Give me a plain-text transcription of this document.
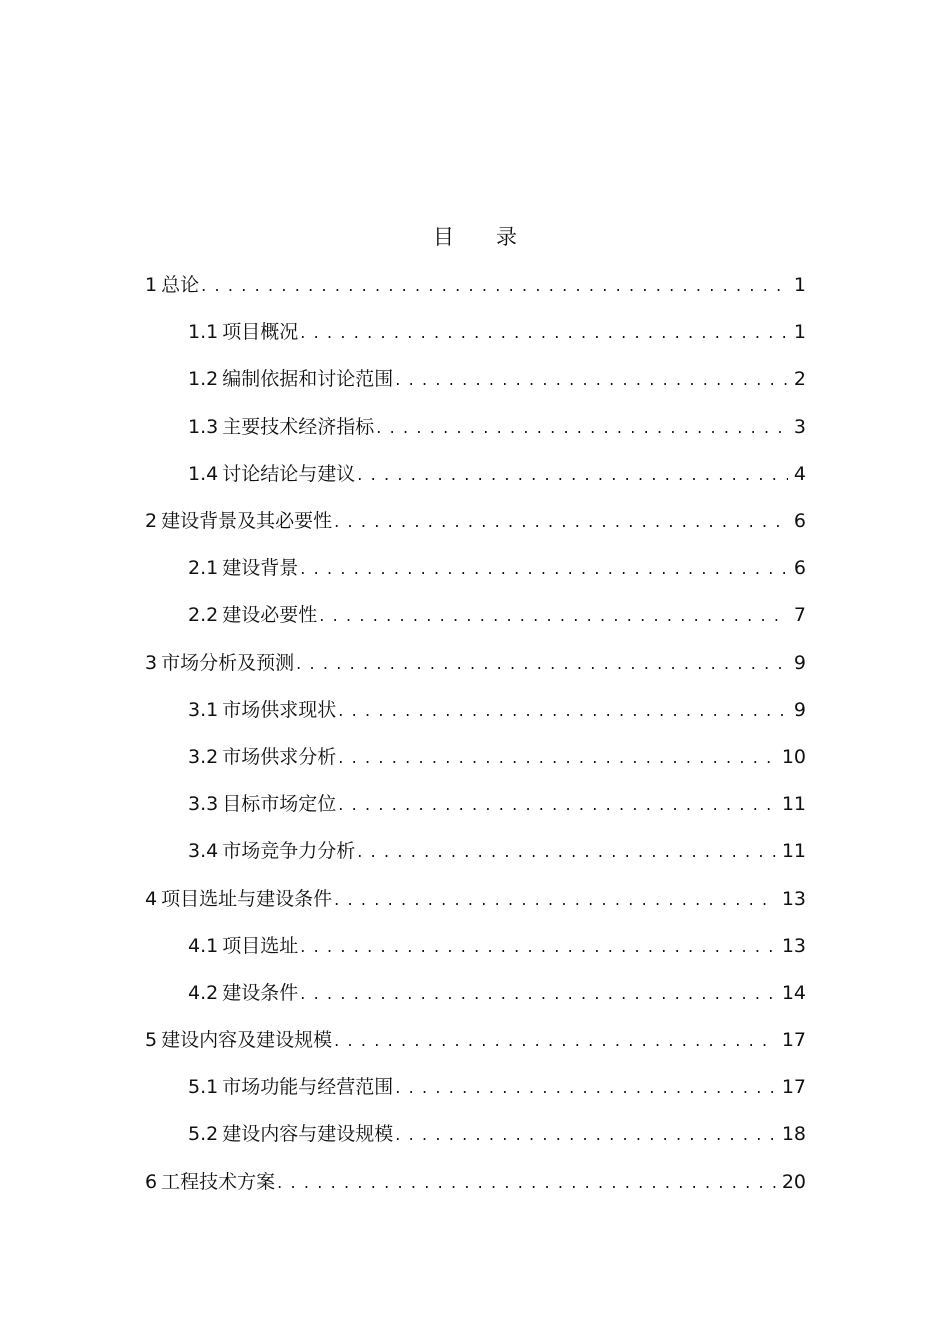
目 录
1 总论 . . .	1
1.1 项目概况 . . .	1
1.2 编制依据和讨论范围 . . .	2
1.3 主要技术经济指标 . . .	3
1.4 讨论结论与建议 . . .	4
2 建设背景及其必要性 . . .	6
2.1 建设背景 . . .	6
2.2 建设必要性 . . .	7
3 市场分析及预测 . . .	9
3.1 市场供求现状 . . .	9
3.2 市场供求分析 . . .	10
3.3 目标市场定位 . . .	11
3.4 市场竞争力分析 . . .	11
4 项目选址与建设条件 . . .	13
4.1 项目选址 . . .	13
4.2 建设条件 . . .	14
5 建设内容及建设规模 . . .	17
5.1 市场功能与经营范围 . . .	17
5.2 建设内容与建设规模 . . .	18
6 工程技术方案 . . .	20
